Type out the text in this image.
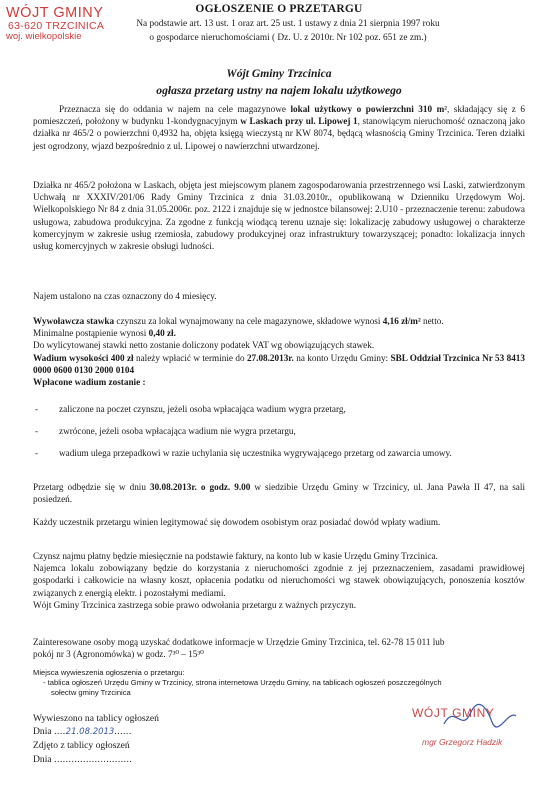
WÓJT GMINY
63-620 TRZCINICA
woj. wielkopolskie
OGŁOSZENIE O PRZETARGU
Na podstawie art. 13 ust. 1 oraz art. 25 ust. 1 ustawy z dnia 21 sierpnia 1997 roku
o gospodarce nieruchomościami ( Dz. U. z 2010r. Nr 102 poz. 651 ze zm.)
Wójt Gminy Trzcinica
ogłasza przetarg ustny na najem lokalu użytkowego

Przeznacza się do oddania w najem na cele magazynowe lokal użytkowy o powierzchni 310 m², składający się z 6 pomieszczeń, położony w budynku 1-kondygnacyjnym w Laskach przy ul. Lipowej 1, stanowiącym nieruchomość oznaczoną jako działka nr 465/2 o powierzchni 0,4932 ha, objęta księgą wieczystą nr KW 8074, będącą własnością Gminy Trzcinica. Teren działki jest ogrodzony, wjazd bezpośrednio z ul. Lipowej o nawierzchni utwardzonej.

Działka nr 465/2 położona w Laskach, objęta jest miejscowym planem zagospodarowania przestrzennego wsi Laski, zatwierdzonym Uchwałą nr XXXIV/201/06 Rady Gminy Trzcinica z dnia 31.03.2010r., opublikowaną w Dzienniku Urzędowym Woj. Wielkopolskiego Nr 84 z dnia 31.05.2006r. poz. 2122 i znajduje się w jednostce bilansowej: 2.U10 - przeznaczenie terenu: zabudowa usługowa, zabudowa produkcyjna. Za zgodne z funkcją wiodącą terenu uznaje się: lokalizację zabudowy usługowej o charakterze komercyjnym w zakresie usług rzemiosła, zabudowy produkcyjnej oraz infrastruktury towarzyszącej; ponadto: lokalizacja innych usług komercyjnych w zakresie obsługi ludności.

Najem ustalono na czas oznaczony do 4 miesięcy.

Wywoławcza stawka czynszu za lokal wynajmowany na cele magazynowe, składowe wynosi 4,16 zł/m² netto.

Minimalne postąpienie wynosi 0,40 zł.

Do wylicytowanej stawki netto zostanie doliczony podatek VAT wg obowiązujących stawek.

Wadium wysokości 400 zł należy wpłacić w terminie do 27.08.2013r. na konto Urzędu Gminy: SBL Oddział Trzcinica Nr 53 8413 0000 0600 0130 2000 0104

Wpłacone wadium zostanie :

- zaliczone na poczet czynszu, jeżeli osoba wpłacająca wadium wygra przetarg,
- zwrócone, jeżeli osoba wpłacająca wadium nie wygra przetargu,
- wadium ulega przepadkowi w razie uchylania się uczestnika wygrywającego przetarg od zawarcia umowy.

Przetarg odbędzie się w dniu 30.08.2013r. o godz. 9.00 w siedzibie Urzędu Gminy w Trzcinicy, ul. Jana Pawła II 47, na sali posiedzeń.

Każdy uczestnik przetargu winien legitymować się dowodem osobistym oraz posiadać dowód wpłaty wadium.

Czynsz najmu płatny będzie miesięcznie na podstawie faktury, na konto lub w kasie Urzędu Gminy Trzcinica.

Najemca lokalu zobowiązany będzie do korzystania z nieruchomości zgodnie z jej przeznaczeniem, zasadami prawidłowej gospodarki i całkowicie na własny koszt, opłacenia podatku od nieruchomości wg stawek obowiązujących, ponoszenia kosztów związanych z energią elektr. i pozostałymi mediami.

Wójt Gminy Trzcinica zastrzega sobie prawo odwołania przetargu z ważnych przyczyn.

Zainteresowane osoby mogą uzyskać dodatkowe informacje w Urzędzie Gminy Trzcinica, tel. 62-78 15 011 lub

pokój nr 3 (Agronomówka) w godz. 7³⁰ – 15³⁰

Miejsca wywieszenia ogłoszenia o przetargu:
- tablica ogłoszeń Urzędu Gminy w Trzcinicy, strona internetowa Urzędu Gminy, na tablicach ogłoszeń poszczególnych
sołectw gminy Trzcinica
WÓJT GMINY
mgr Grzegorz Hadzik
Wywieszono na tablicy ogłoszeń
Dnia ....21.08.2013......
Zdjęto z tablicy ogłoszeń
Dnia ...........................
